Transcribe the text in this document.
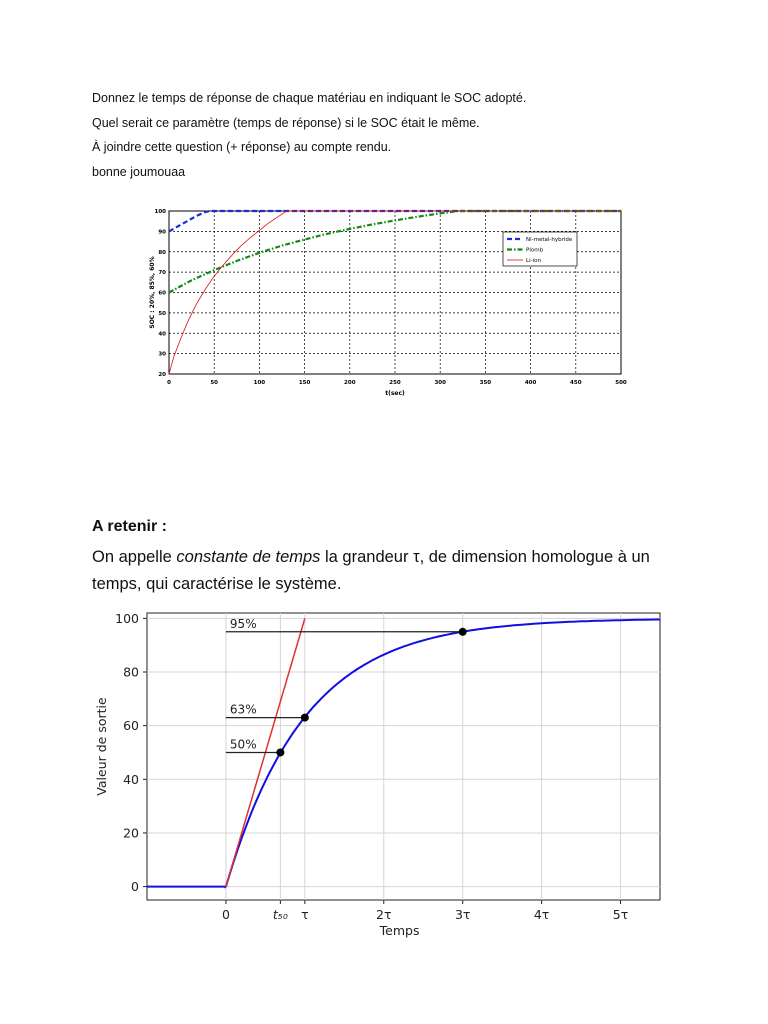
Donnez le temps de réponse de chaque matériau en indiquant le SOC adopté.

Quel serait ce paramètre (temps de réponse) si le SOC était le même.

À joindre cette question (+ réponse) au compte rendu.

bonne joumouaa

0	50	100	150	200	250	300	350	400	450	500
20
30
40
50
60
70
80
90
100
t(sec)
SOC : 20%, 85%, 60%
Ni-metal-hybride
Plomb
Li-ion
A retenir :

On appelle constante de temps la grandeur τ, de dimension homologue à un temps, qui caractérise le système.

0	t₅₀ τ	2τ	3τ	4τ	5τ
0
20
40
60
80
100
Temps
Valeur de sortie
95%
63%
50%
